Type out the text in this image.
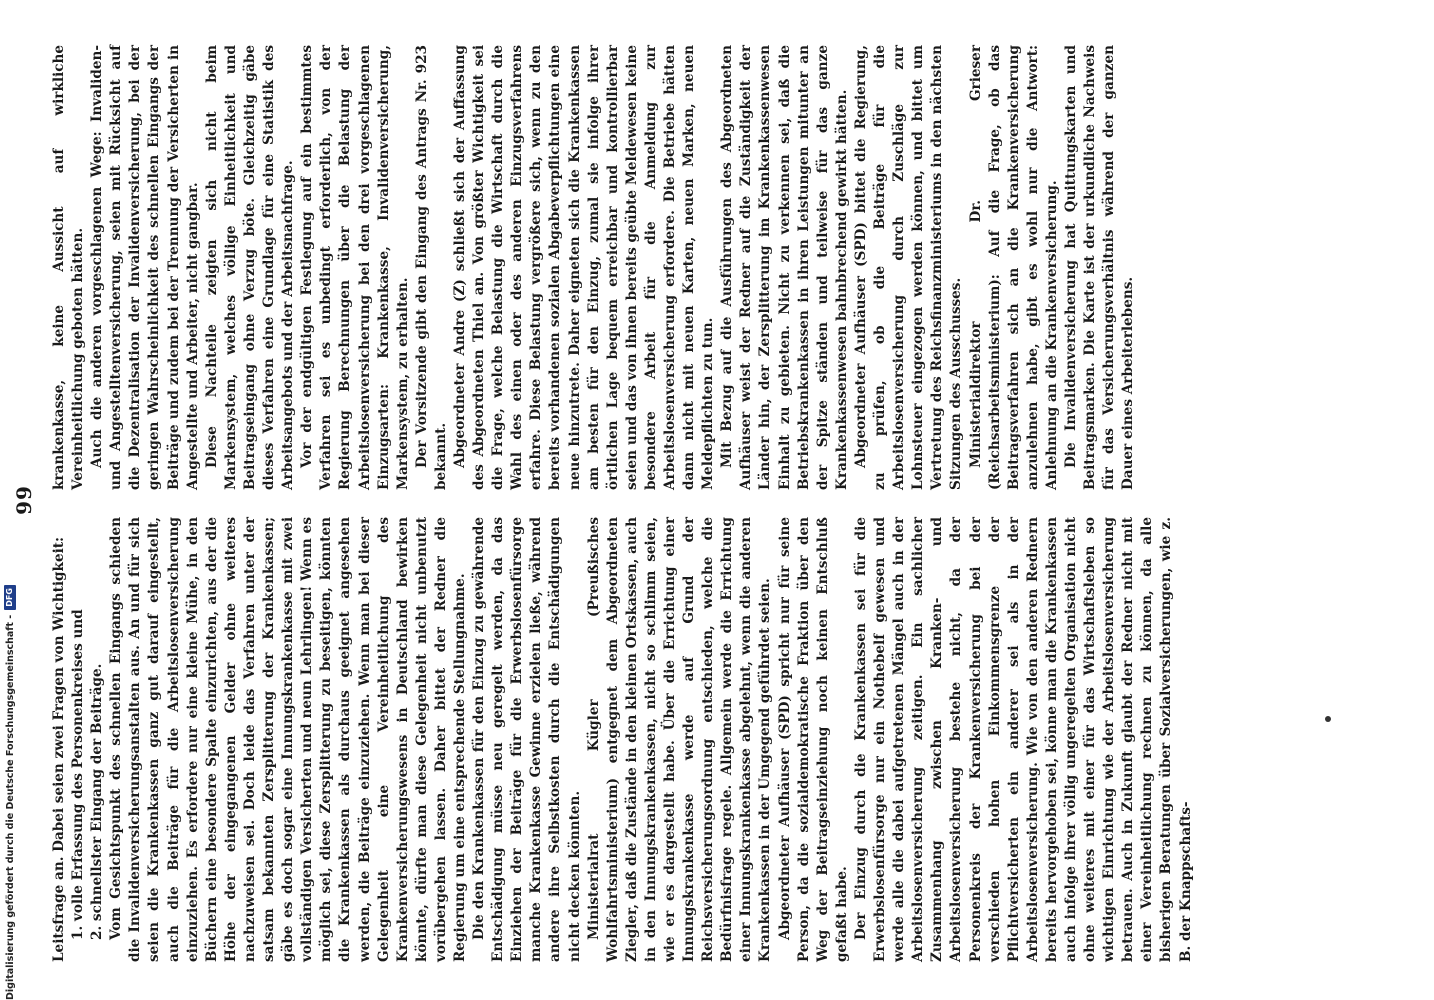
99

Leitsfrage an. Dabei seien zwei Fragen von Wichtigkeit: 1. volle Erfassung des Personenkreises und 2. schnellster Eingang der Beiträge. Vom Gesichtspunkt des schnellen Eingangs schieden die Invalidenversicherungsanstalten aus. An und für sich seien die Krankenkassen ganz gut darauf eingestellt, auch die Beiträge für die Arbeitslosenversicherung einzuziehen. Es erfordere nur eine kleine Mühe, in den Büchern eine besondere Spalte einzurichten, aus der die Höhe der eingegangenen Gelder ohne weiteres nachzuweisen sei. Doch leide das Verfahren unter der satsam bekannten Zersplitterung der Krankenkassen; gäbe es doch sogar eine Innungskrankenkasse mit zwei vollständigen Versicherten und neun Lehrlingen! Wenn es möglich sei, diese Zersplitterung zu beseitigen, könnten die Krankenkassen als durchaus geeignet angesehen werden, die Beiträge einzuziehen. Wenn man bei dieser Gelegenheit eine Vereinheitlichung des Krankenversicherungswesens in Deutschland bewirken könnte, dürfte man diese Gelegenheit nicht unbenutzt vorübergehen lassen. Daher bittet der Redner die Regierung um eine entsprechende Stellungnahme. Die den Krankenkassen für den Einzug zu gewährende Entschädigung müsse neu geregelt werden, da das Einziehen der Beiträge für die Erwerbslosenfürsorge manche Krankenkasse Gewinne erzielen ließe, während andere ihre Selbstkosten durch die Entschädigungen nicht decken könnten. Ministerialrat Kügler (Preußisches Wohlfahrtsministerium) entgegnet dem Abgeordneten Ziegler, daß die Zustände in den kleinen Ortskassen, auch in den Innungskrankenkassen, nicht so schlimm seien, wie er es dargestellt habe. Über die Errichtung einer Innungskrankenkasse werde auf Grund der Reichsversicherungsordnung entschieden, welche die Bedürfnisfrage regele. Allgemein werde die Errichtung einer Innungskrankenkasse abgelehnt, wenn die anderen Krankenkassen in der Umgegend geführdet seien. Abgeordneter Aufhäuser (SPD) spricht nur für seine Person, da die sozialdemokratische Fraktion über den Weg der Beitragseinziehung noch keinen Entschluß gefaßt habe. Der Einzug durch die Krankenkassen sei für die Erwerbslosenfürsorge nur ein Nothebelf gewesen und werde alle die dabei aufgetretenen Mängel auch in der Arbeitslosenversicherung zeitigen. Ein sachlicher Zusammenhang zwischen Kranken- und Arbeitslosenversicherung bestehe nicht, da der Personenkreis der Krankenversicherung bei der verschieden hohen Einkommensgrenze der Pflichtversicherten ein anderer sei als in der Arbeitslosenversicherung. Wie von den anderen Rednern bereits hervorgehoben sei, könne man die Krankenkassen auch infolge ihrer völlig ungeregelten Organisation nicht ohne weiteres mit einer für das Wirtschaftsleben so wichtigen Einrichtung wie der Arbeitslosenversicherung betrauen. Auch in Zukunft glaubt der Redner nicht mit einer Vereinheitlichung rechnen zu können, da alle bisherigen Beratungen über Sozialversicherungen, wie z. B. der Knappschafts-

krankenkasse, keine Aussicht auf wirkliche Vereinheitlichung geboten hätten. Auch die anderen vorgeschlagenen Wege: Invaliden- und Angestelltenversicherung, seien mit Rücksicht auf die Dezentralisation der Invalidenversicherung, bei der geringen Wahrscheinlichkeit des schnellen Eingangs der Beiträge und zudem bei der Trennung der Versicherten in Angestellte und Arbeiter, nicht gangbar. Diese Nachteile zeigten sich nicht beim Markensystem, welches völlige Einheitlichkeit und Beitragseingang ohne Verzug böte. Gleichzeitig gäbe dieses Verfahren eine Grundlage für eine Statistik des Arbeitsangebots und der Arbeitsnachfrage. Vor der endgültigen Festlegung auf ein bestimmtes Verfahren sei es unbedingt erforderlich, von der Regierung Berechnungen über die Belastung der Arbeitslosenversicherung bei den drei vorgeschlagenen Einzugsarten: Krankenkasse, Invalidenversicherung, Markensystem, zu erhalten. Der Vorsitzende gibt den Eingang des Antrags Nr. 923 bekannt. Abgeordneter Andre (Z) schließt sich der Auffassung des Abgeordneten Thiel an. Von größter Wichtigkeit sei die Frage, welche Belastung die Wirtschaft durch die Wahl des einen oder des anderen Einzugsverfahrens erfahre. Diese Belastung vergrößere sich, wenn zu den bereits vorhandenen sozialen Abgabeverpflichtungen eine neue hinzutrete. Daher eigneten sich die Krankenkassen am besten für den Einzug, zumal sie infolge ihrer örtlichen Lage bequem erreichbar und kontrollierbar seien und das von ihnen bereits geübte Meldewesen keine besondere Arbeit für die Anmeldung zur Arbeitslosenversicherung erfordere. Die Betriebe hätten dann nicht mit neuen Karten, neuen Marken, neuen Meldepflichten zu tun. Mit Bezug auf die Ausführungen des Abgeordneten Aufhäuser weist der Redner auf die Zuständigkeit der Länder hin, der Zersplitterung im Krankenkassenwesen Einhalt zu gebieten. Nicht zu verkennen sei, daß die Betriebskrankenkassen in ihren Leistungen mitunter an der Spitze ständen und teilweise für das ganze Krankenkassenwesen bahnbrechend gewirkt hätten. Abgeordneter Aufhäuser (SPD) bittet die Regierung, zu prüfen, ob die Beiträge für die Arbeitslosenversicherung durch Zuschläge zur Lohnsteuer eingezogen werden können, und bittet um Vertretung des Reichsfinanzministeriums in den nächsten Sitzungen des Ausschusses. Ministerialdirektor Dr. Grieser (Reichsarbeitsministerium): Auf die Frage, ob das Beitragsverfahren sich an die Krankenversicherung anzulehnen habe, gibt es wohl nur die Antwort: Anlehnung an die Krankenversicherung. Die Invalidenversicherung hat Quittungskarten und Beitragsmarken. Die Karte ist der urkundliche Nachweis für das Versicherungsverhältnis während der ganzen Dauer eines Arbeiterlebens.

Digitalisierung gefördert durch die Deutsche Forschungsgemeinschaft -
DFG
